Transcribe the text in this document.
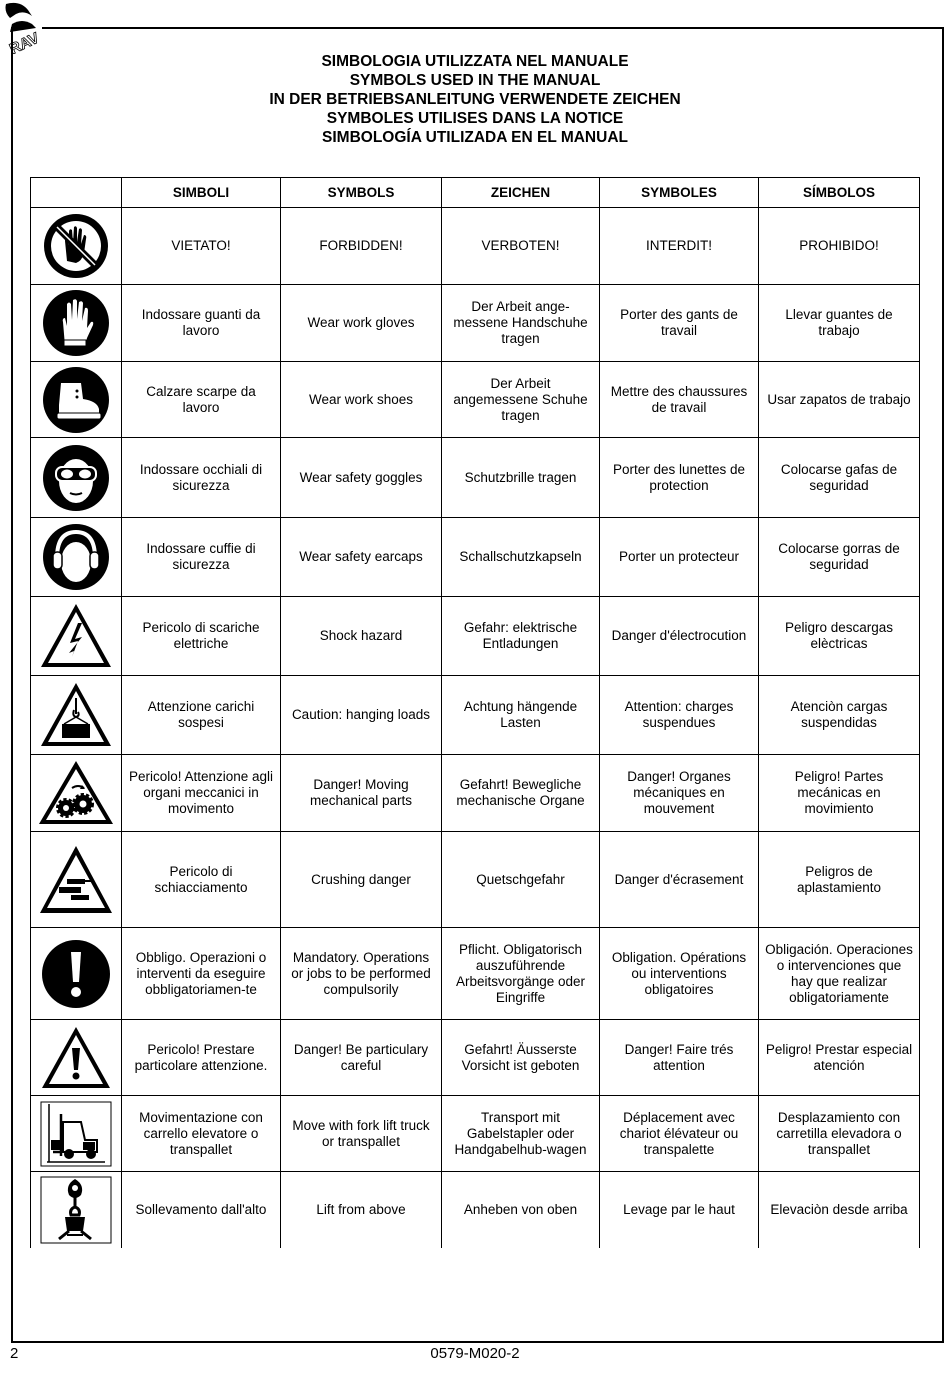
RAV
SIMBOLOGIA UTILIZZATA NEL MANUALE
SYMBOLS USED IN THE MANUAL
IN DER BETRIEBSANLEITUNG VERWENDETE ZEICHEN
SYMBOLES UTILISES DANS LA NOTICE
SIMBOLOGÍA UTILIZADA EN EL MANUAL
	SIMBOLI	SYMBOLS	ZEICHEN	SYMBOLES	SÍMBOLOS

	VIETATO!	FORBIDDEN!	VERBOTEN!	INTERDIT!	PROHIBIDO!

	Indossare guanti da lavoro	Wear work gloves	Der Arbeit ange-messene Handschuhe tragen	Porter des gants de travail	Llevar guantes de trabajo

	Calzare scarpe da lavoro	Wear work shoes	Der Arbeit angemessene Schuhe tragen	Mettre des chaussures de travail	Usar zapatos de trabajo

	Indossare occhiali di sicurezza	Wear safety goggles	Schutzbrille tragen	Porter des lunettes de protection	Colocarse gafas de seguridad

	Indossare cuffie di sicurezza	Wear safety earcaps	Schallschutzkapseln	Porter un protecteur	Colocarse gorras de seguridad

	Pericolo di scariche elettriche	Shock hazard	Gefahr: elektrische Entladungen	Danger d'électrocution	Peligro descargas elèctricas

	Attenzione carichi sospesi	Caution: hanging loads	Achtung hängende Lasten	Attention: charges suspendues	Atenciòn cargas suspendidas

	Pericolo! Attenzione agli organi meccanici in movimento	Danger! Moving mechanical parts	Gefahrt! Bewegliche mechanische Organe	Danger! Organes mécaniques en mouvement	Peligro! Partes mecánicas en movimiento

	Pericolo di schiacciamento	Crushing danger	Quetschgefahr	Danger d'écrasement	Peligros de aplastamiento

	Obbligo. Operazioni o interventi da eseguire obbligatoriamen-te	Mandatory. Operations or jobs to be performed compulsorily	Pflicht. Obligatorisch auszuführende Arbeitsvorgänge oder Eingriffe	Obligation. Opérations ou interventions obligatoires	Obligación. Operaciones o intervenciones que hay que realizar obligatoriamente

	Pericolo! Prestare particolare attenzione.	Danger! Be particulary careful	Gefahrt! Äusserste Vorsicht ist geboten	Danger! Faire trés attention	Peligro! Prestar especial atención

	Movimentazione con carrello elevatore o transpallet	Move with fork lift truck or transpallet	Transport mit Gabelstapler oder Handgabelhub-wagen	Déplacement avec chariot élévateur ou transpalette	Desplazamiento con carretilla elevadora o transpallet

	Sollevamento dall'alto	Lift from above	Anheben von oben	Levage par le haut	Elevaciòn desde arriba
2	0579-M020-2
